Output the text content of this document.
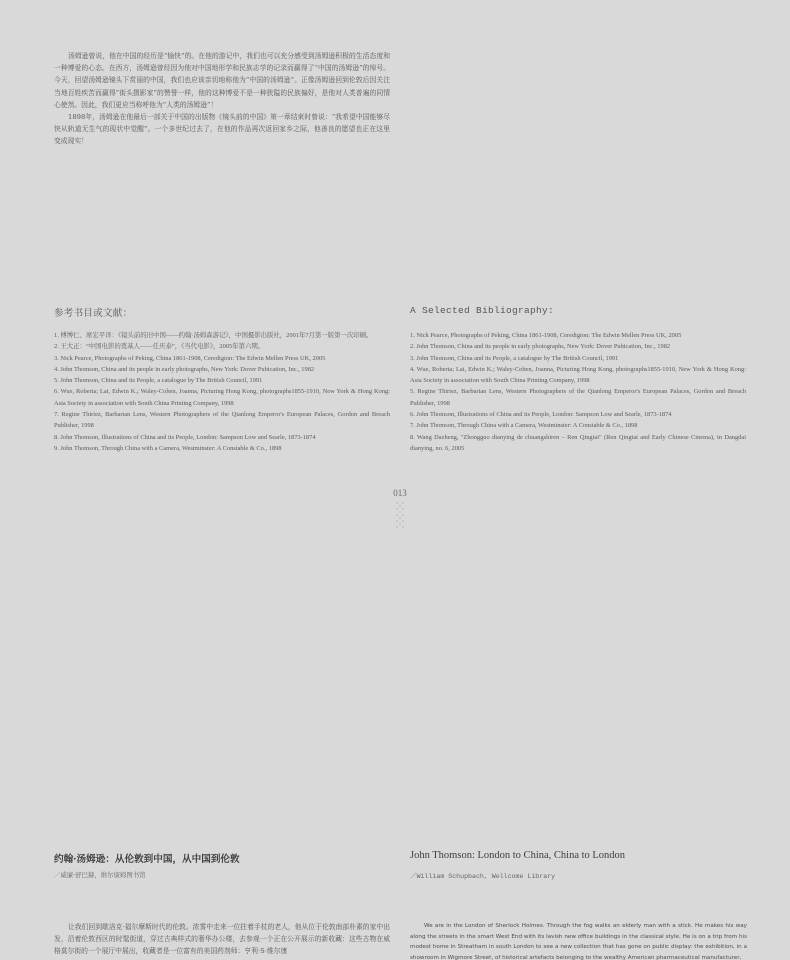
汤姆逊曾说，他在中国的经历是“愉快”的。在他的游记中，我们也可以充分感受到汤姆逊积极的生活态度和一种博爱的心态。在西方，汤姆逊曾经因为他对中国地形学和民族志学的记录而赢得了“中国的汤姆逊”的绰号。今天，回望汤姆逊镜头下赏丽的中国，我们也应该亲切地称他为“中国的汤姆逊”。正像汤姆逊回到伦敦后因关注当地百姓疾苦而赢得“街头摄影家”的赞誉一样，他的这种博爱不是一种狭隘的民族偏好，是他对人类普遍的同情心使然。因此，我们更应当称呼他为“人类的汤姆逊”！

1898年，汤姆逊在他最后一部关于中国的出版物《镜头前的中国》第一章结束时曾说：“我希望中国能够尽快从轨道无生气的现状中觉醒”。一个多世纪过去了，在他的作品再次返回家乡之际，他善良的愿望也正在这里变成现实！

参考书目或文献：	A Selected Bibliography:
1. 傅博仁、席宏平译：《镜头前的旧中国——约翰·汤姆森游记》，中国摄影出版社，2001年7月第一版第一次印刷。
2. 王大正：“中国电影的奠基人——任庆泰”，《当代电影》，2005年第六期。
3. Nick Pearce, Photographs of Peking, China 1861-1908, Ceredigion: The Edwin Mellen Press UK, 2005
4. John Thomson, China and its people in early photographs, New York: Dover Pubication, Inc., 1982
5. John Thomson, China and its People, a catalogue by The British Council, 1991
6. Wue, Roberta; Lai, Edwin K.; Waley-Cohen, Joanna, Picturing Hong Kong, photographs1855-1910, New York & Hong Kong: Asia Society in association with South China Printing Company, 1998
7. Regine Thiriez, Barbarian Lens, Western Photographers of the Qianlong Emperor's European Palaces, Gordon and Breach Publisher, 1998
8. John Thomson, Illustrations of China and its People, London: Sampson Low and Searle, 1873-1874
9. John Thomson, Through China with a Camera, Westminster: A Constable & Co., 1898
1. Nick Pearce, Photographs of Peking, China 1861-1908, Ceredigion: The Edwin Mellen Press UK, 2005
2. John Thomson, China and its people in early photographs, New York: Dover Pubication, Inc., 1982
3. John Thomson, China and its People, a catalogue by The British Council, 1991
4. Wue, Roberta; Lai, Edwin K.; Waley-Cohen, Joanna, Picturing Hong Kong, photographs1855-1910, New York & Hong Kong: Asia Society in association with South China Printing Company, 1998
5. Regine Thiriez, Barbarian Lens, Western Photographers of the Qianlong Emperor's European Palaces, Gordon and Breach Publisher, 1998
6. John Thomson, Illustrations of China and its People, London: Sampson Low and Searle, 1873-1874
7. John Thomson, Through China with a Camera, Westminster: A Constable & Co., 1898
8. Wang Dazheng, "Zhongguo dianying de chuangshiren – Ren Qingtai" (Ren Qingtai and Early Chinese Cinema), in Dangdai dianying, no. 6, 2005
013
约翰·汤姆逊：从伦敦到中国，从中国到伦敦	John Thomson: London to China, China to London
／威廉·舒巴赫，维尔康姆图书馆	／William Schupbach, Wellcome Library

让我们回到歇洛克·福尔摩斯时代的伦敦。浓雾中走来一位拄着手杖的老人，他从位于伦敦南部朴素的家中出发，沿着伦敦西区的时髦街道，穿过古典样式的奢华办公楼，去参观一个正在公开展示的新收藏：这些古物在威格莫尔街的一个展厅中展出，收藏者是一位富有的美国药剂师：亨利·S·维尔康

We are in the London of Sherlock Holmes. Through the fog walks an elderly man with a stick. He makes his way along the streets in the smart West End with its lavish new office buildings in the classical style. He is on a trip from his modest home in Streatham in south London to see a new collection that has gone on public display: the exhibition, in a showroom in Wigmore Street, of historical artefacts belonging to the wealthy American pharmaceutical manufacturer,
